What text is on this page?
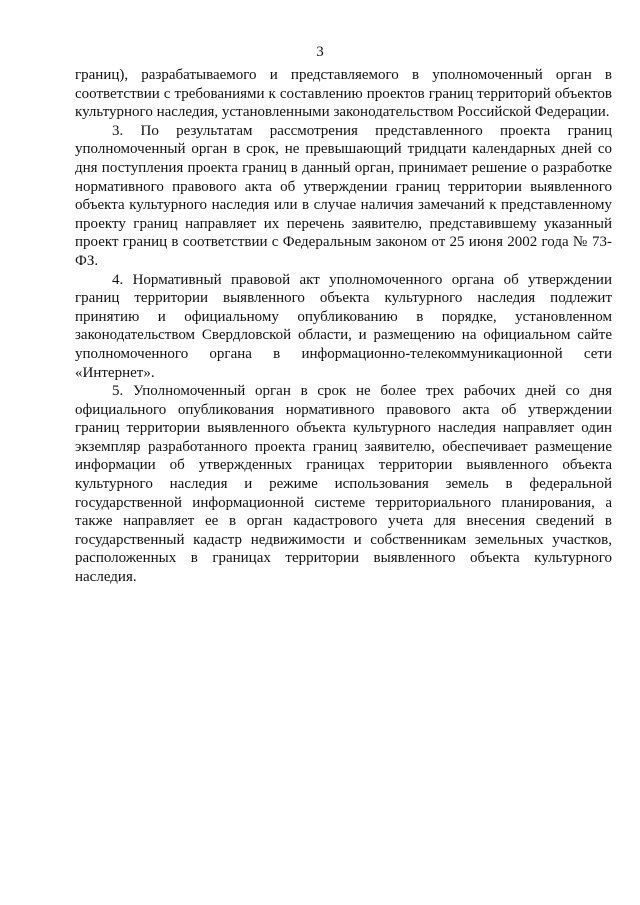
3

границ), разрабатываемого и представляемого в уполномоченный орган в соответствии с требованиями к составлению проектов границ территорий объектов культурного наследия, установленными законодательством Российской Федерации.

3. По результатам рассмотрения представленного проекта границ уполномоченный орган в срок, не превышающий тридцати календарных дней со дня поступления проекта границ в данный орган, принимает решение о разработке нормативного правового акта об утверждении границ территории выявленного объекта культурного наследия или в случае наличия замечаний к представленному проекту границ направляет их перечень заявителю, представившему указанный проект границ в соответствии с Федеральным законом от 25 июня 2002 года № 73-ФЗ.

4. Нормативный правовой акт уполномоченного органа об утверждении границ территории выявленного объекта культурного наследия подлежит принятию и официальному опубликованию в порядке, установленном законодательством Свердловской области, и размещению на официальном сайте уполномоченного органа в информационно-телекоммуникационной сети «Интернет».

5. Уполномоченный орган в срок не более трех рабочих дней со дня официального опубликования нормативного правового акта об утверждении границ территории выявленного объекта культурного наследия направляет один экземпляр разработанного проекта границ заявителю, обеспечивает размещение информации об утвержденных границах территории выявленного объекта культурного наследия и режиме использования земель в федеральной государственной информационной системе территориального планирования, а также направляет ее в орган кадастрового учета для внесения сведений в государственный кадастр недвижимости и собственникам земельных участков, расположенных в границах территории выявленного объекта культурного наследия.
